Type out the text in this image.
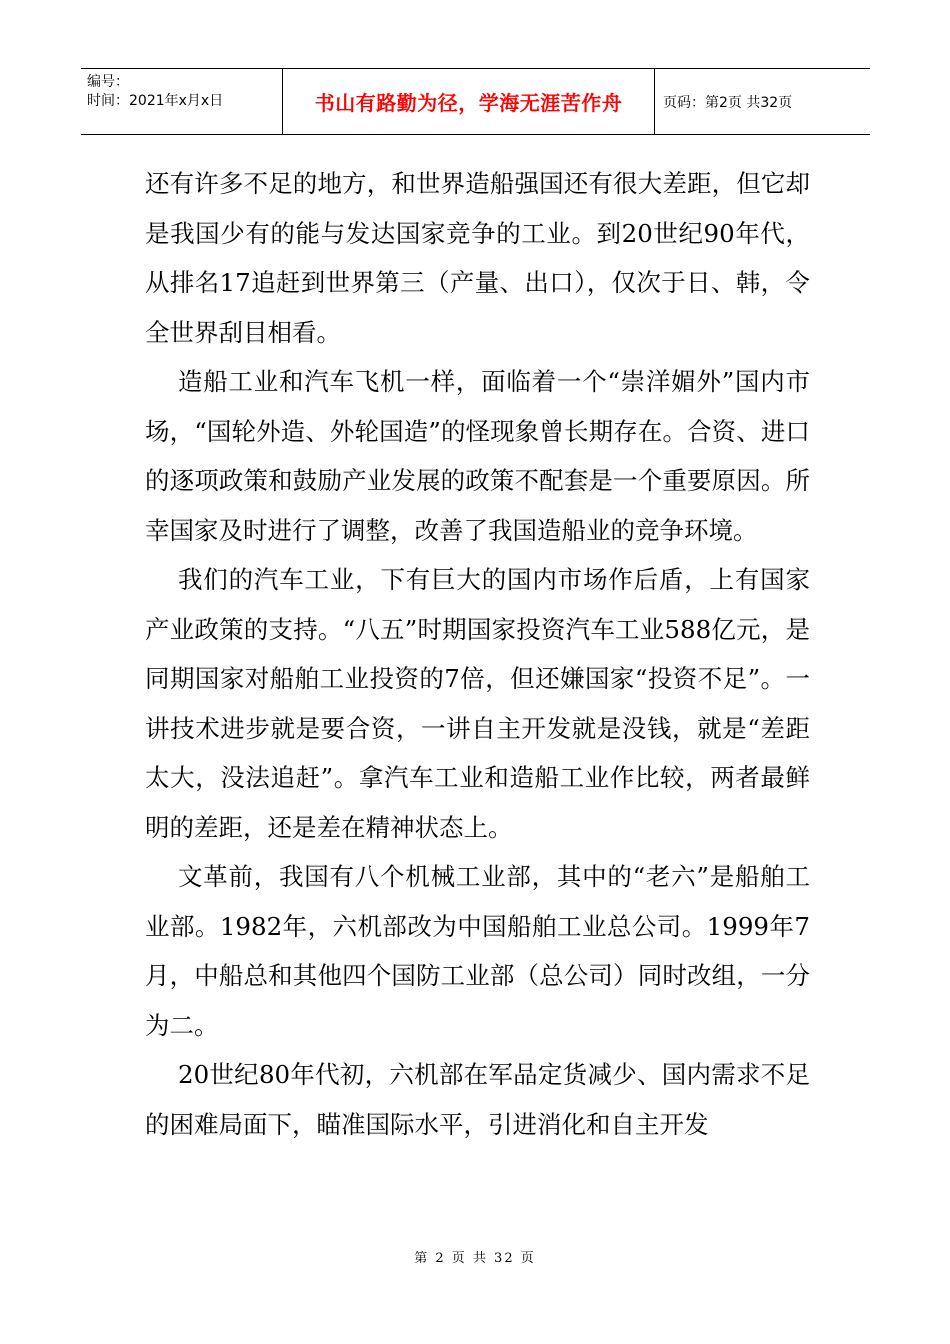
编号：
时间：2021年x月x日	书山有路勤为径，学海无涯苦作舟	页码：第2页 共32页

还有许多不足的地方，和世界造船强国还有很大差距，但它却是我国少有的能与发达国家竞争的工业。到20世纪90年代，从排名17追赶到世界第三（产量、出口），仅次于日、韩，令全世界刮目相看。

造船工业和汽车飞机一样，面临着一个“崇洋媚外”国内市场，“国轮外造、外轮国造”的怪现象曾长期存在。合资、进口的逐项政策和鼓励产业发展的政策不配套是一个重要原因。所幸国家及时进行了调整，改善了我国造船业的竞争环境。

我们的汽车工业，下有巨大的国内市场作后盾，上有国家产业政策的支持。“八五”时期国家投资汽车工业588亿元，是同期国家对船舶工业投资的7倍，但还嫌国家“投资不足”。一讲技术进步就是要合资，一讲自主开发就是没钱，就是“差距太大，没法追赶”。拿汽车工业和造船工业作比较，两者最鲜明的差距，还是差在精神状态上。

文革前，我国有八个机械工业部，其中的“老六”是船舶工业部。1982年，六机部改为中国船舶工业总公司。1999年7月，中船总和其他四个国防工业部（总公司）同时改组，一分为二。

20世纪80年代初，六机部在军品定货减少、国内需求不足的困难局面下，瞄准国际水平，引进消化和自主开发

第 2 页 共 32 页
